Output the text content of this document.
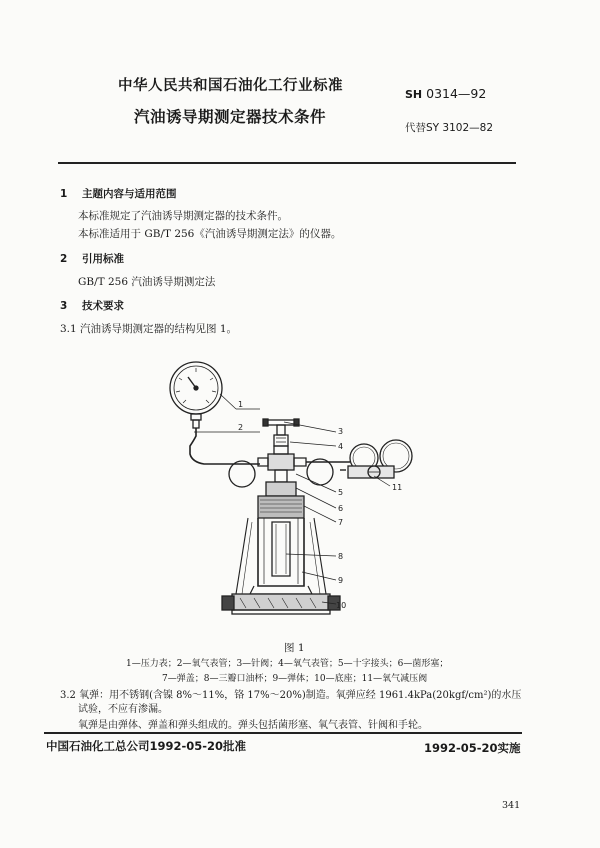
中华人民共和国石油化工行业标准
SH 0314—92
汽油诱导期测定器技术条件
代替SY 3102—82
1 主题内容与适用范围
本标准规定了汽油诱导期测定器的技术条件。
本标准适用于 GB/T 256《汽油诱导期测定法》的仪器。
2 引用标准
GB/T 256 汽油诱导期测定法
3 技术要求
3.1 汽油诱导期测定器的结构见图 1。
1
2	3
4
5
6
7
8
9
10
11
图 1
1—压力表；2—氧气表管；3—针阀；4—氧气表管；5—十字接头；6—菌形塞；
7—弹盖；8—三瓣口油杯；9—弹体；10—底座；11—氧气减压阀
3.2 氧弹：用不锈钢(含镍 8%～11%，铬 17%～20%)制造。氧弹应经 1961.4kPa(20kgf/cm²)的水压
试验，不应有渗漏。
氧弹是由弹体、弹盖和弹头组成的。弹头包括菌形塞、氧气表管、针阀和手轮。
中国石油化工总公司1992-05-20批准	1992-05-20实施
341
